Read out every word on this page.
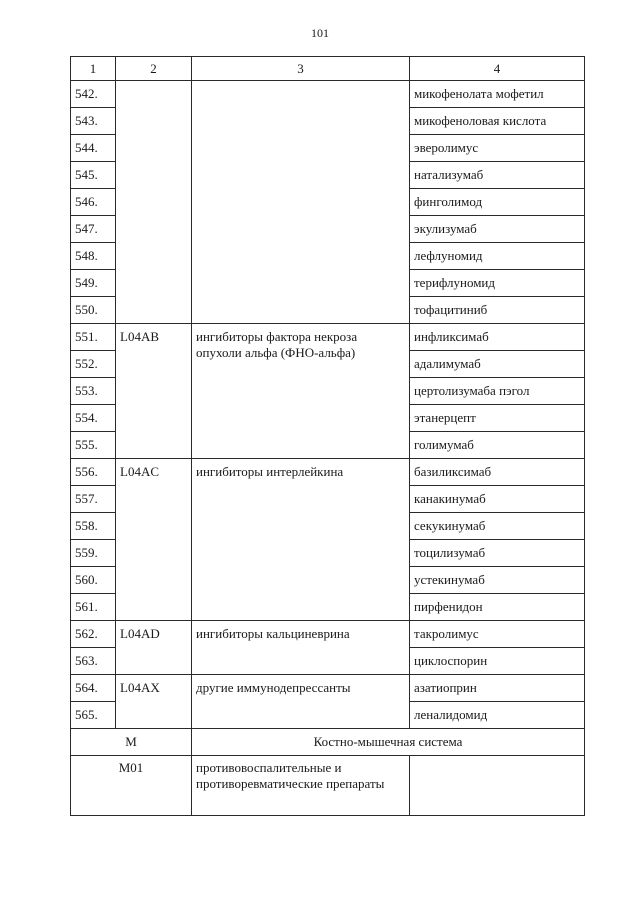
101
1	2	3	4
542.			микофенолата мофетил
543.			микофеноловая кислота
544.			эверолимус
545.			натализумаб
546.			финголимод
547.			экулизумаб
548.			лефлуномид
549.			терифлуномид
550.			тофацитиниб
551.	L04AB	ингибиторы фактора некроза опухоли альфа (ФНО-альфа)	инфликсимаб
552.			адалимумаб
553.			цертолизумаба пэгол
554.			этанерцепт
555.			голимумаб
556.	L04AC	ингибиторы интерлейкина	базиликсимаб
557.			канакинумаб
558.			секукинумаб
559.			тоцилизумаб
560.			устекинумаб
561.			пирфенидон
562.	L04AD	ингибиторы кальциневрина	такролимус
563.			циклоспорин
564.	L04AX	другие иммунодепрессанты	азатиоприн
565.			леналидомид
M		Костно-мышечная система	
M01		противовоспалительные и противоревматические препараты	
